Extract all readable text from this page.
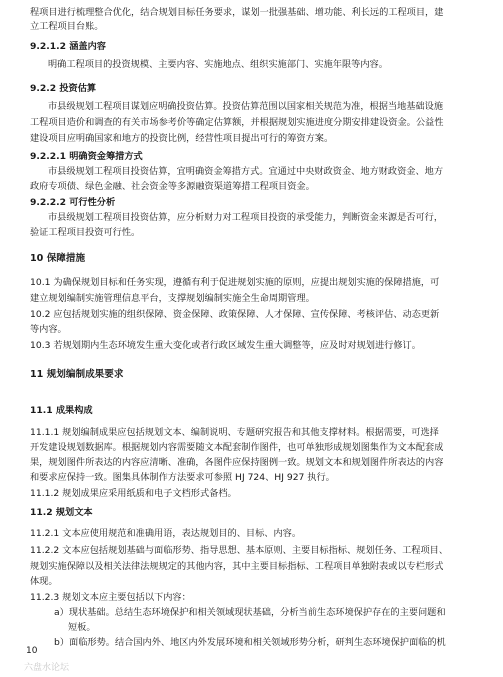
程项目进行梳理整合优化，结合规划目标任务要求，谋划一批强基础、增功能、利长远的工程项目，建
立工程项目台账。
9.2.1.2 涵盖内容
明确工程项目的投资规模、主要内容、实施地点、组织实施部门、实施年限等内容。
9.2.2 投资估算
市县级规划工程项目谋划应明确投资估算。投资估算范围以国家相关规范为准，根据当地基础设施
工程项目造价和调查的有关市场参考价等确定估算额，并根据规划实施进度分期安排建设资金。公益性
建设项目应明确国家和地方的投资比例，经营性项目提出可行的筹资方案。
9.2.2.1 明确资金筹措方式
市县级规划工程项目投资估算，宜明确资金筹措方式。宜通过中央财政资金、地方财政资金、地方
政府专项债、绿色金融、社会资金等多源融资渠道筹措工程项目资金。
9.2.2.2 可行性分析
市县级规划工程项目投资估算，应分析财力对工程项目投资的承受能力，判断资金来源是否可行，
验证工程项目投资可行性。
10 保障措施
10.1 为确保规划目标和任务实现，遵循有利于促进规划实施的原则，应提出规划实施的保障措施，可
建立规划编制实施管理信息平台，支撑规划编制实施全生命周期管理。
10.2 应包括规划实施的组织保障、资金保障、政策保障、人才保障、宣传保障、考核评估、动态更新
等内容。
10.3 若规划期内生态环境发生重大变化或者行政区域发生重大调整等，应及时对规划进行修订。
11 规划编制成果要求
11.1 成果构成
11.1.1 规划编制成果应包括规划文本、编制说明、专题研究报告和其他支撑材料。根据需要，可选择
开发建设规划数据库。根据规划内容需要随文本配套制作图件，也可单独形成规划图集作为文本配套成
果，规划图件所表达的内容应清晰、准确，各图件应保持图例一致。规划文本和规划图件所表达的内容
和要求应保持一致。图集具体制作方法要求可参照 HJ 724、HJ 927 执行。
11.1.2 规划成果应采用纸质和电子文档形式备档。
11.2 规划文本
11.2.1 文本应使用规范和准确用语，表达规划目的、目标、内容。
11.2.2 文本应包括规划基础与面临形势、指导思想、基本原则、主要目标指标、规划任务、工程项目、
规划实施保障以及相关法律法规规定的其他内容，其中主要目标指标、工程项目单独附表或以专栏形式
体现。
11.2.3 规划文本应主要包括以下内容：
a）现状基础。总结生态环境保护和相关领域现状基础，分析当前生态环境保护存在的主要问题和
短板。
b）面临形势。结合国内外、地区内外发展环境和相关领域形势分析，研判生态环境保护面临的机
10
六盘水论坛
